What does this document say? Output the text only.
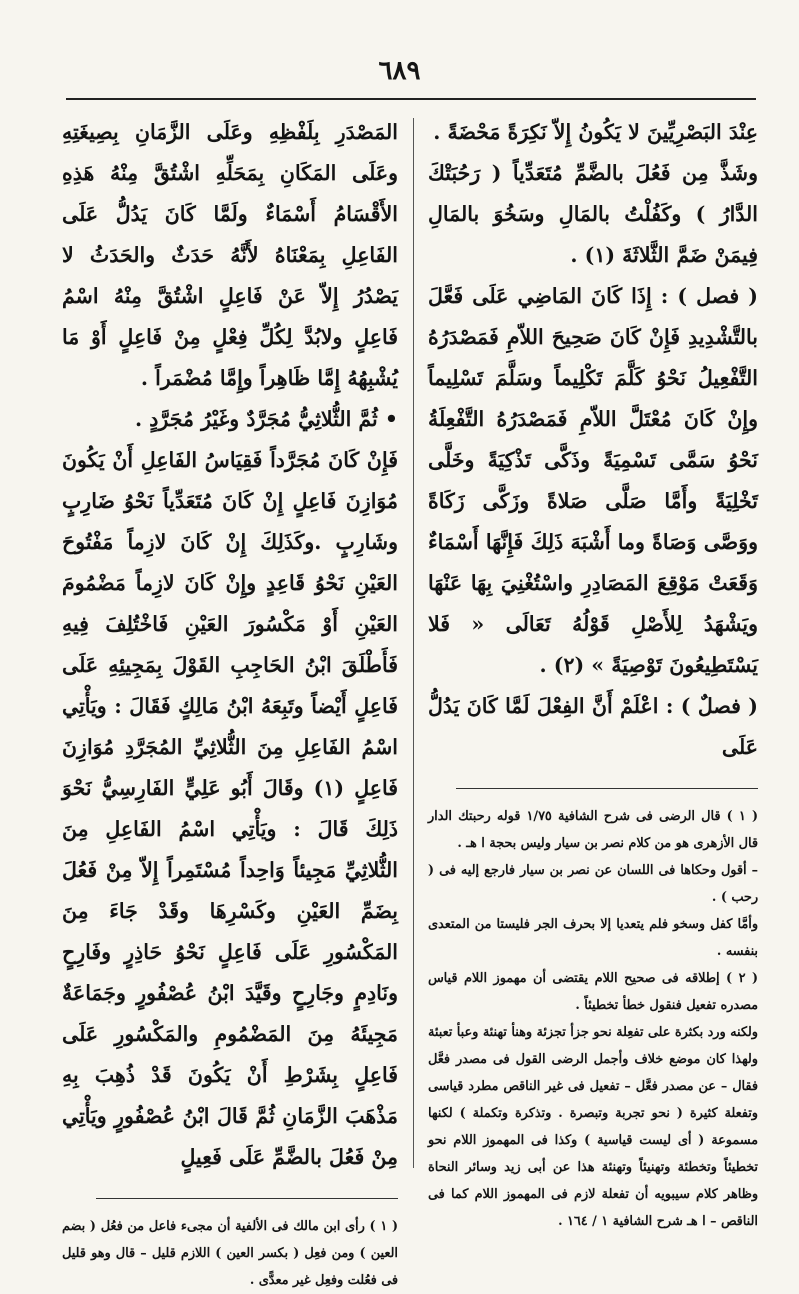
٦٨٩

عِنْدَ البَصْرِيِّينَ لا يَكُونُ إِلاّ نَكِرَةً مَحْضَةً .

وشَذَّ مِن فَعُلَ بالضَّمِّ مُتَعَدِّياً ( رَحُبَتْكَ الدَّارُ ) وكَفُلْتُ بالمَالِ وسَخُوَ بالمَالِ فِيمَنْ ضَمَّ الثَّلاثَةَ (١) .

( فصل ) : إِذَا كَانَ المَاضِي عَلَى فَعَّلَ بالتَّشْدِيدِ فَإِنْ كَانَ صَحِيحَ اللاّمِ فَمَصْدَرُهُ التَّفْعِيلُ نَحْوُ كَلَّمَ تَكْلِيماً وسَلَّمَ تَسْلِيماً وإِنْ كَانَ مُعْتَلَّ اللاّمِ فَمَصْدَرُهُ التَّفْعِلَةُ نَحْوُ سَمَّى تَسْمِيَةً وذَكَّى تَذْكِيَةً وخَلَّى تَخْلِيَةً وأَمَّا صَلَّى صَلاةً وزَكَّى زَكَاةً ووَصَّى وَصَاةً وما أَشْبَهَ ذَلِكَ فَإِنَّهَا أَسْمَاءٌ وَقَعَتْ مَوْقِعَ المَصَادِرِ واسْتُغْنِيَ بِهَا عَنْهَا ويَشْهَدُ لِلأَصْلِ قَوْلُهُ تَعَالَى « فَلا يَسْتَطِيعُونَ تَوْصِيَةً » (٢) .

( فصلٌ ) : اعْلَمْ أَنَّ الفِعْلَ لَمَّا كَانَ يَدُلُّ عَلَى

( ١ ) قال الرضى فى شرح الشافية ١/٧٥ قوله رحبتك الدار قال الأزهرى هو من كلام نصر بن سيار وليس بحجة ا هـ .

– أقول وحكاها فى اللسان عن نصر بن سيار فارجع إليه فى ( رحب ) .

وأمَّا كفل وسخو فلم يتعديا إلا بحرف الجر فليستا من المتعدى بنفسه .

( ٢ ) إطلاقه فى صحيح اللام يقتضى أن مهموز اللام قياس مصدره تفعيل فنقول خطأ تخطيئاً .

ولكنه ورد بكثرة على تفعِلة نحو جزأ تجزئة وهنأ تهنئة وعبأ تعبئة ولهذا كان موضع خلاف وأجمل الرضى القول فى مصدر فعَّل فقال – عن مصدر فعَّل – تفعيل فى غير الناقص مطرد قياسى وتفعلة كثيرة ( نحو تجربة وتبصرة . وتذكرة وتكملة ) لكنها مسموعة ( أى ليست قياسية ) وكذا فى المهموز اللام نحو تخطيئاً وتخطئة وتهنيئاً وتهنئة هذا عن أبى زيد وسائر النحاة وظاهر كلام سيبويه أن تفعلة لازم فى المهموز اللام كما فى الناقص – ا هـ شرح الشافية ١ / ١٦٤ .

المَصْدَرِ بِلَفْظِهِ وعَلَى الزَّمَانِ بِصِيغَتِهِ وعَلَى المَكَانِ بِمَحَلِّهِ اشْتُقَّ مِنْهُ هَذِهِ الأَقْسَامُ أَسْمَاءٌ ولَمَّا كَانَ يَدُلُّ عَلَى الفَاعِلِ بِمَعْنَاهُ لأَنَّهُ حَدَثٌ والحَدَثُ لا يَصْدُرُ إِلاّ عَنْ فَاعِلٍ اشْتُقَّ مِنْهُ اسْمُ فَاعِلٍ ولابُدَّ لِكُلِّ فِعْلٍ مِنْ فَاعِلٍ أَوْ مَا يُشْبِهُهُ إِمَّا ظَاهِراً وإِمَّا مُضْمَراً .

• ثُمَّ الثُّلاثِيُّ مُجَرَّدٌ وغَيْرُ مُجَرَّدٍ .

فَإِنْ كَانَ مُجَرَّداً فَقِيَاسُ الفَاعِلِ أَنْ يَكُونَ مُوَازِنَ فَاعِلٍ إِنْ كَانَ مُتَعَدِّياً نَحْوُ ضَارِبٍ وشَارِبٍ .وكَذَلِكَ إِنْ كَانَ لازِماً مَفْتُوحَ العَيْنِ نَحْوُ قَاعِدٍ وإِنْ كَانَ لازِماً مَضْمُومَ العَيْنِ أَوْ مَكْسُورَ العَيْنِ فَاخْتُلِفَ فِيهِ فَأَطْلَقَ ابْنُ الحَاجِبِ القَوْلَ بِمَجِيئِهِ عَلَى فَاعِلٍ أَيْضاً وتَبِعَهُ ابْنُ مَالِكٍ فَقَالَ : ويَأْتِي اسْمُ الفَاعِلِ مِنَ الثُّلاثِيِّ المُجَرَّدِ مُوَازِنَ فَاعِلٍ (١) وقَالَ أَبُو عَلِيٍّ الفَارِسِيُّ نَحْوَ ذَلِكَ قَالَ : ويَأْتِي اسْمُ الفَاعِلِ مِنَ الثُّلاثِيِّ مَجِيئاً وَاحِداً مُسْتَمِراً إِلاّ مِنْ فَعُلَ بِضَمِّ العَيْنِ وكَسْرِهَا وقَدْ جَاءَ مِنَ المَكْسُورِ عَلَى فَاعِلٍ نَحْوُ حَاذِرٍ وفَارِحٍ ونَادِمٍ وجَارِحٍ وقَيَّدَ ابْنُ عُصْفُورٍ وجَمَاعَةٌ مَجِيئَهُ مِنَ المَضْمُومِ والمَكْسُورِ عَلَى فَاعِلٍ بِشَرْطِ أَنْ يَكُونَ قَدْ ذُهِبَ بِهِ مَذْهَبَ الزَّمَانِ ثُمَّ قَالَ ابْنُ عُصْفُورٍ ويَأْتِي مِنْ فَعُلَ بالضَّمِّ عَلَى فَعِيلٍ

( ١ ) رأى ابن مالك فى الألفية أن مجىء فاعل من فعُل ( بضم العين ) ومن فعِل ( بكسر العين ) اللازم قليل – قال وهو قليل فى فعُلت وفعِل غير معدًّى .
